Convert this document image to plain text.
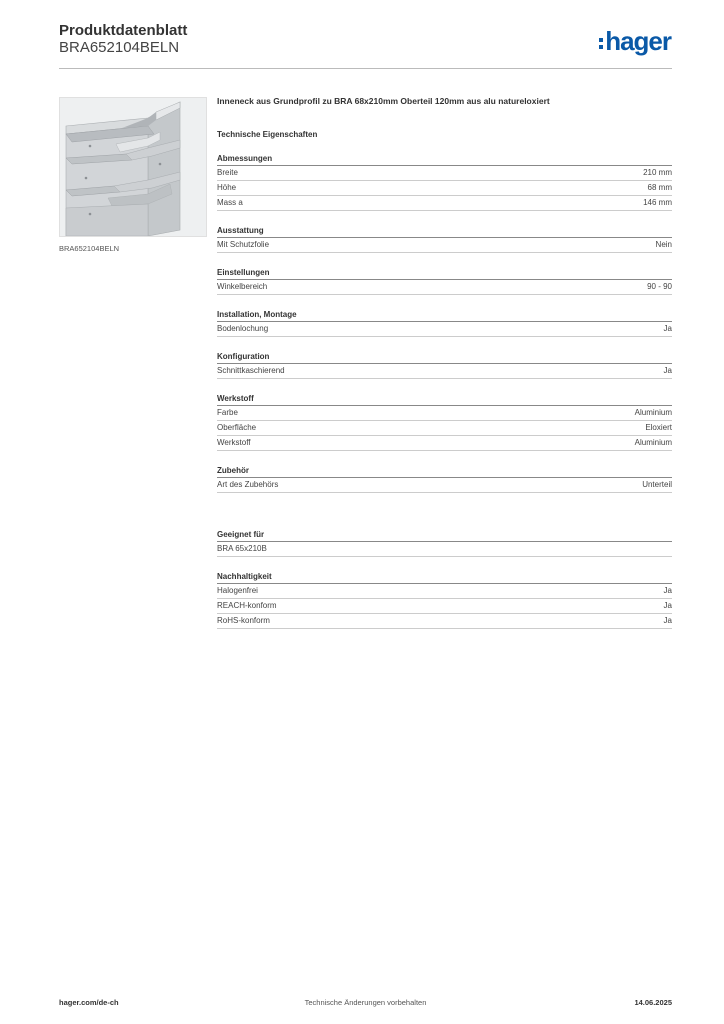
Produktdatenblatt
BRA652104BELN	hager
BRA652104BELN
Inneneck aus Grundprofil zu BRA 68x210mm Oberteil 120mm aus alu natureloxiert
Technische Eigenschaften
Abmessungen
Breite	210 mm
Höhe	68 mm
Mass a	146 mm
Ausstattung
Mit Schutzfolie	Nein
Einstellungen
Winkelbereich	90 - 90
Installation, Montage
Bodenlochung	Ja
Konfiguration
Schnittkaschierend	Ja
Werkstoff
Farbe	Aluminium
Oberfläche	Eloxiert
Werkstoff	Aluminium
Zubehör
Art des Zubehörs	Unterteil
Geeignet für
BRA 65x210B
Nachhaltigkeit
Halogenfrei	Ja
REACH-konform	Ja
RoHS-konform	Ja
hager.com/de-ch	Technische Änderungen vorbehalten	14.06.2025
